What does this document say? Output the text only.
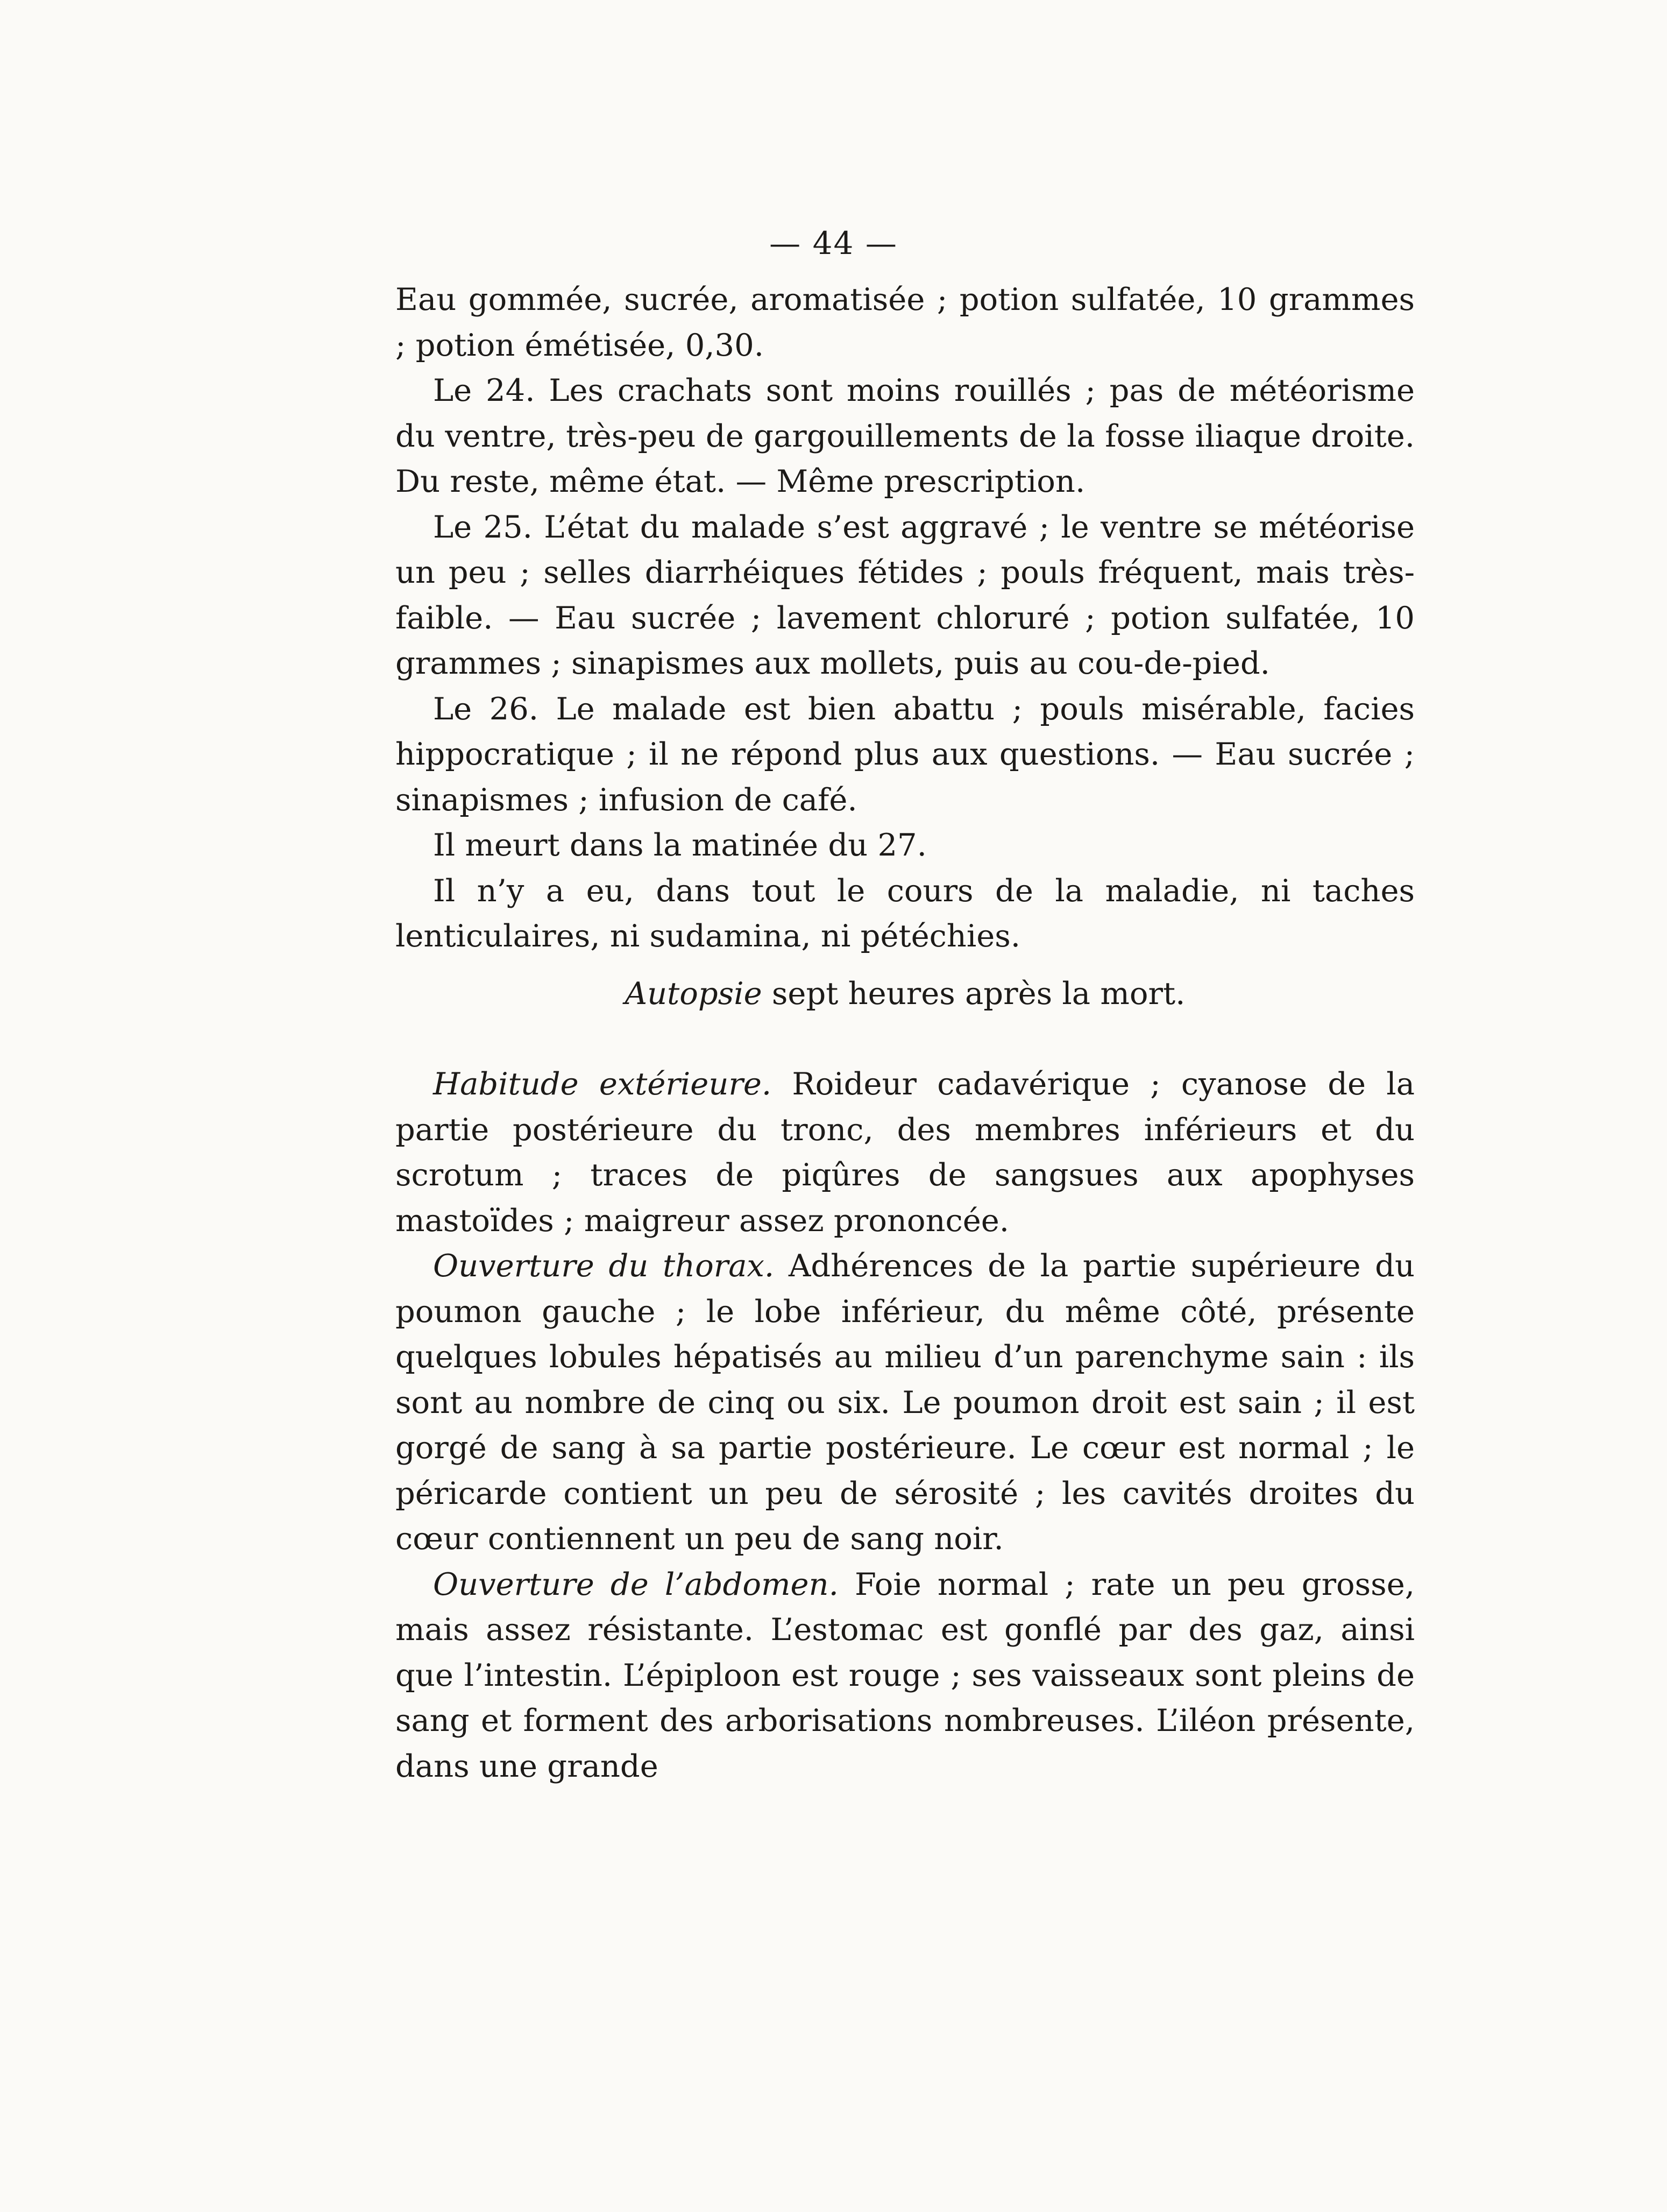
— 44 —

Eau gommée, sucrée, aromatisée ; potion sulfatée, 10 grammes ; potion émétisée, 0,30.

Le 24. Les crachats sont moins rouillés ; pas de météorisme du ventre, très-peu de gargouillements de la fosse iliaque droite. Du reste, même état. — Même prescription.

Le 25. L’état du malade s’est aggravé ; le ventre se météorise un peu ; selles diarrhéiques fétides ; pouls fréquent, mais très-faible. — Eau sucrée ; lavement chloruré ; potion sulfatée, 10 grammes ; sinapismes aux mollets, puis au cou-de-pied.

Le 26. Le malade est bien abattu ; pouls misérable, facies hippocratique ; il ne répond plus aux questions. — Eau sucrée ; sinapismes ; infusion de café.

Il meurt dans la matinée du 27.

Il n’y a eu, dans tout le cours de la maladie, ni taches lenticulaires, ni sudamina, ni pétéchies.

Autopsie sept heures après la mort.

Habitude extérieure. Roideur cadavérique ; cyanose de la partie postérieure du tronc, des membres inférieurs et du scrotum ; traces de piqûres de sangsues aux apophyses mastoïdes ; maigreur assez prononcée.

Ouverture du thorax. Adhérences de la partie supérieure du poumon gauche ; le lobe inférieur, du même côté, présente quelques lobules hépatisés au milieu d’un parenchyme sain : ils sont au nombre de cinq ou six. Le poumon droit est sain ; il est gorgé de sang à sa partie postérieure. Le cœur est normal ; le péricarde contient un peu de sérosité ; les cavités droites du cœur contiennent un peu de sang noir.

Ouverture de l’abdomen. Foie normal ; rate un peu grosse, mais assez résistante. L’estomac est gonflé par des gaz, ainsi que l’intestin. L’épiploon est rouge ; ses vaisseaux sont pleins de sang et forment des arborisations nombreuses. L’iléon présente, dans une grande
